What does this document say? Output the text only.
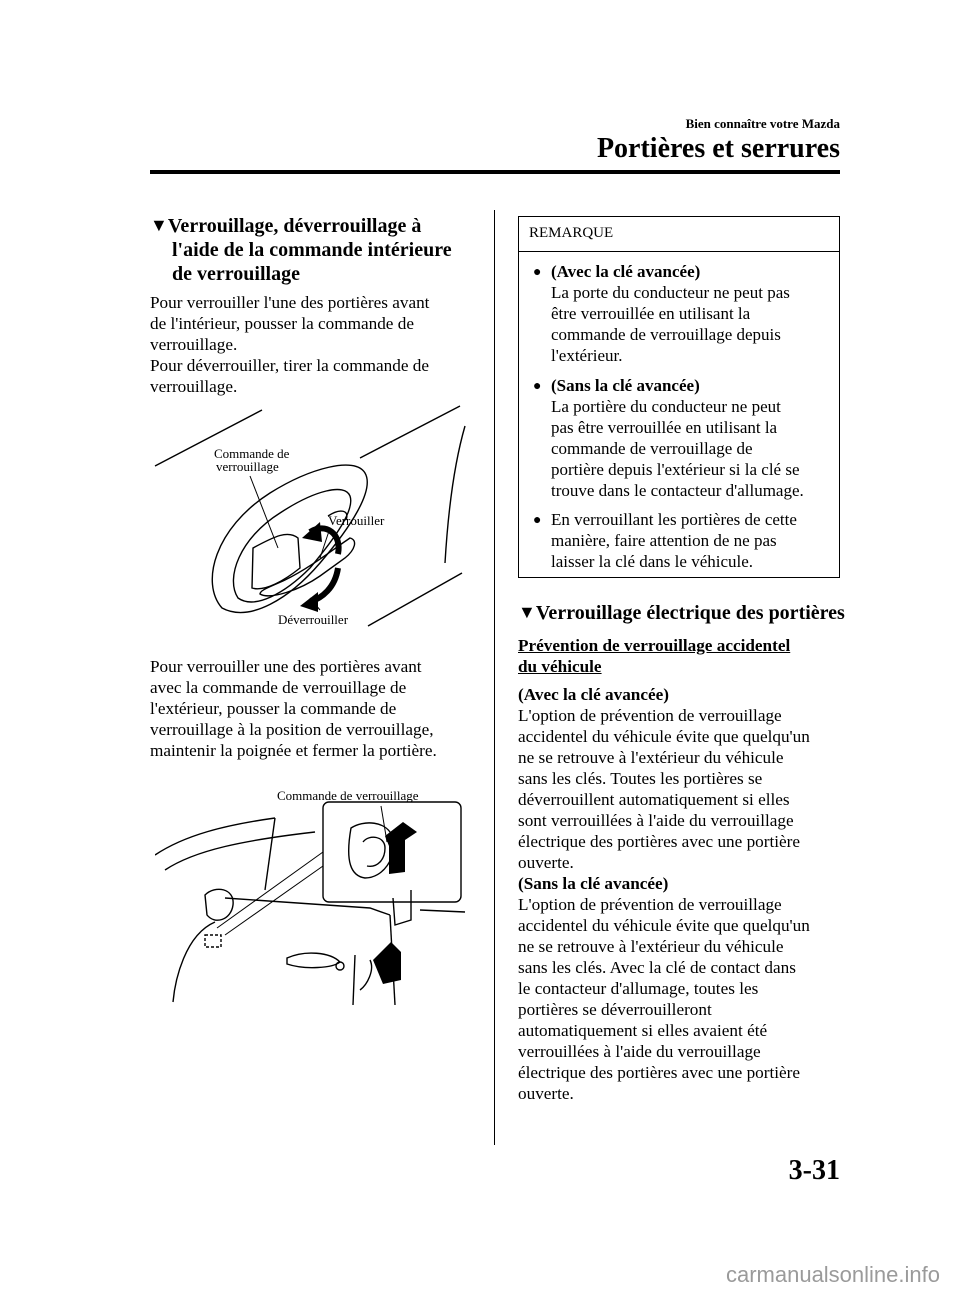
Bien connaître votre Mazda
Portières et serrures
▼Verrouillage, déverrouillage à
l'aide de la commande intérieure
de verrouillage
Pour verrouiller l'une des portières avant
de l'intérieur, pousser la commande de
verrouillage.
Pour déverrouiller, tirer la commande de
verrouillage.
Commande de
verrouillage
Verrouiller
Déverrouiller
Pour verrouiller une des portières avant
avec la commande de verrouillage de
l'extérieur, pousser la commande de
verrouillage à la position de verrouillage,
maintenir la poignée et fermer la portière.
Commande de verrouillage
REMARQUE
● (Avec la clé avancée)
La porte du conducteur ne peut pas
être verrouillée en utilisant la
commande de verrouillage depuis
l'extérieur.
● (Sans la clé avancée)
La portière du conducteur ne peut
pas être verrouillée en utilisant la
commande de verrouillage de
portière depuis l'extérieur si la clé se
trouve dans le contacteur d'allumage.
● En verrouillant les portières de cette
manière, faire attention de ne pas
laisser la clé dans le véhicule.
▼Verrouillage électrique des portières
Prévention de verrouillage accidentel
du véhicule
(Avec la clé avancée)
L'option de prévention de verrouillage
accidentel du véhicule évite que quelqu'un
ne se retrouve à l'extérieur du véhicule
sans les clés. Toutes les portières se
déverrouillent automatiquement si elles
sont verrouillées à l'aide du verrouillage
électrique des portières avec une portière
ouverte.
(Sans la clé avancée)
L'option de prévention de verrouillage
accidentel du véhicule évite que quelqu'un
ne se retrouve à l'extérieur du véhicule
sans les clés. Avec la clé de contact dans
le contacteur d'allumage, toutes les
portières se déverrouilleront
automatiquement si elles avaient été
verrouillées à l'aide du verrouillage
électrique des portières avec une portière
ouverte.
3-31
carmanualsonline.info
